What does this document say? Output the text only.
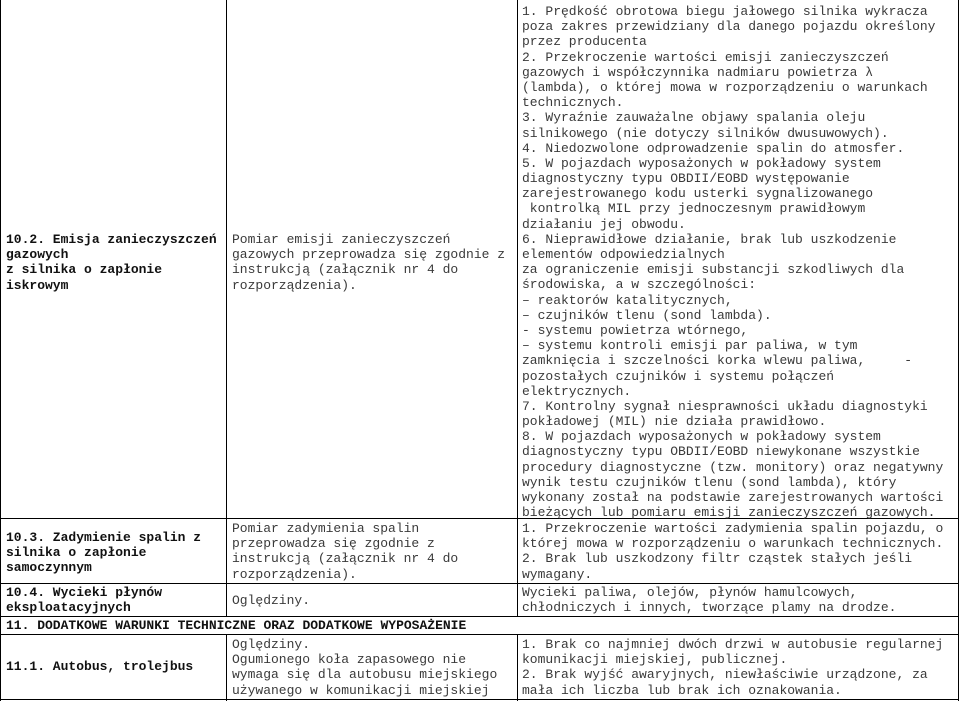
10.2. Emisja zanieczyszczeń
gazowych
z silnika o zapłonie
iskrowym
Pomiar emisji zanieczyszczeń
gazowych przeprowadza się zgodnie z
instrukcją (załącznik nr 4 do
rozporządzenia).
1. Prędkość obrotowa biegu jałowego silnika wykracza
poza zakres przewidziany dla danego pojazdu określony
przez producenta
2. Przekroczenie wartości emisji zanieczyszczeń
gazowych i współczynnika nadmiaru powietrza λ
(lambda), o której mowa w rozporządzeniu o warunkach
technicznych.
3. Wyraźnie zauważalne objawy spalania oleju
silnikowego (nie dotyczy silników dwusuwowych).
4. Niedozwolone odprowadzenie spalin do atmosfer.
5. W pojazdach wyposażonych w pokładowy system
diagnostyczny typu OBDII/EOBD występowanie
zarejestrowanego kodu usterki sygnalizowanego
kontrolką MIL przy jednoczesnym prawidłowym
działaniu jej obwodu.
6. Nieprawidłowe działanie, brak lub uszkodzenie
elementów odpowiedzialnych
za ograniczenie emisji substancji szkodliwych dla
środowiska, a w szczególności:
– reaktorów katalitycznych,
– czujników tlenu (sond lambda).
- systemu powietrza wtórnego,
– systemu kontroli emisji par paliwa, w tym
zamknięcia i szczelności korka wlewu paliwa,     -
pozostałych czujników i systemu połączeń
elektrycznych.
7. Kontrolny sygnał niesprawności układu diagnostyki
pokładowej (MIL) nie działa prawidłowo.
8. W pojazdach wyposażonych w pokładowy system
diagnostyczny typu OBDII/EOBD niewykonane wszystkie
procedury diagnostyczne (tzw. monitory) oraz negatywny
wynik testu czujników tlenu (sond lambda), który
wykonany został na podstawie zarejestrowanych wartości
bieżących lub pomiaru emisji zanieczyszczeń gazowych.
10.3. Zadymienie spalin z
silnika o zapłonie
samoczynnym
Pomiar zadymienia spalin
przeprowadza się zgodnie z
instrukcją (załącznik nr 4 do
rozporządzenia).
1. Przekroczenie wartości zadymienia spalin pojazdu, o
której mowa w rozporządzeniu o warunkach technicznych.
2. Brak lub uszkodzony filtr cząstek stałych jeśli
wymagany.
10.4. Wycieki płynów
eksploatacyjnych	Oględziny.
Wycieki paliwa, olejów, płynów hamulcowych,
chłodniczych i innych, tworzące plamy na drodze.
11. DODATKOWE WARUNKI TECHNICZNE ORAZ DODATKOWE WYPOSAŻENIE
11.1. Autobus, trolejbus
Oględziny.
Ogumionego koła zapasowego nie
wymaga się dla autobusu miejskiego
używanego w komunikacji miejskiej
1. Brak co najmniej dwóch drzwi w autobusie regularnej
komunikacji miejskiej, publicznej.
2. Brak wyjść awaryjnych, niewłaściwie urządzone, za
mała ich liczba lub brak ich oznakowania.
